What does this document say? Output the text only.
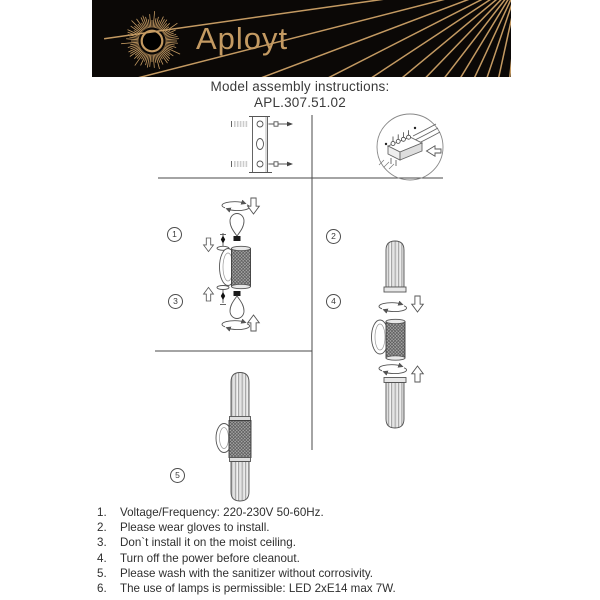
Aployt
Model assembly instructions:
APL.307.51.02
1	2
3	4
5
1.	Voltage/Frequency: 220-230V 50-60Hz.
2.	Please wear gloves to install.
3.	Don`t install it on the moist ceiling.
4.	Turn off the power before cleanout.
5.	Please wash with the sanitizer without corrosivity.
6.	The use of lamps is permissible: LED 2xE14 max 7W.
